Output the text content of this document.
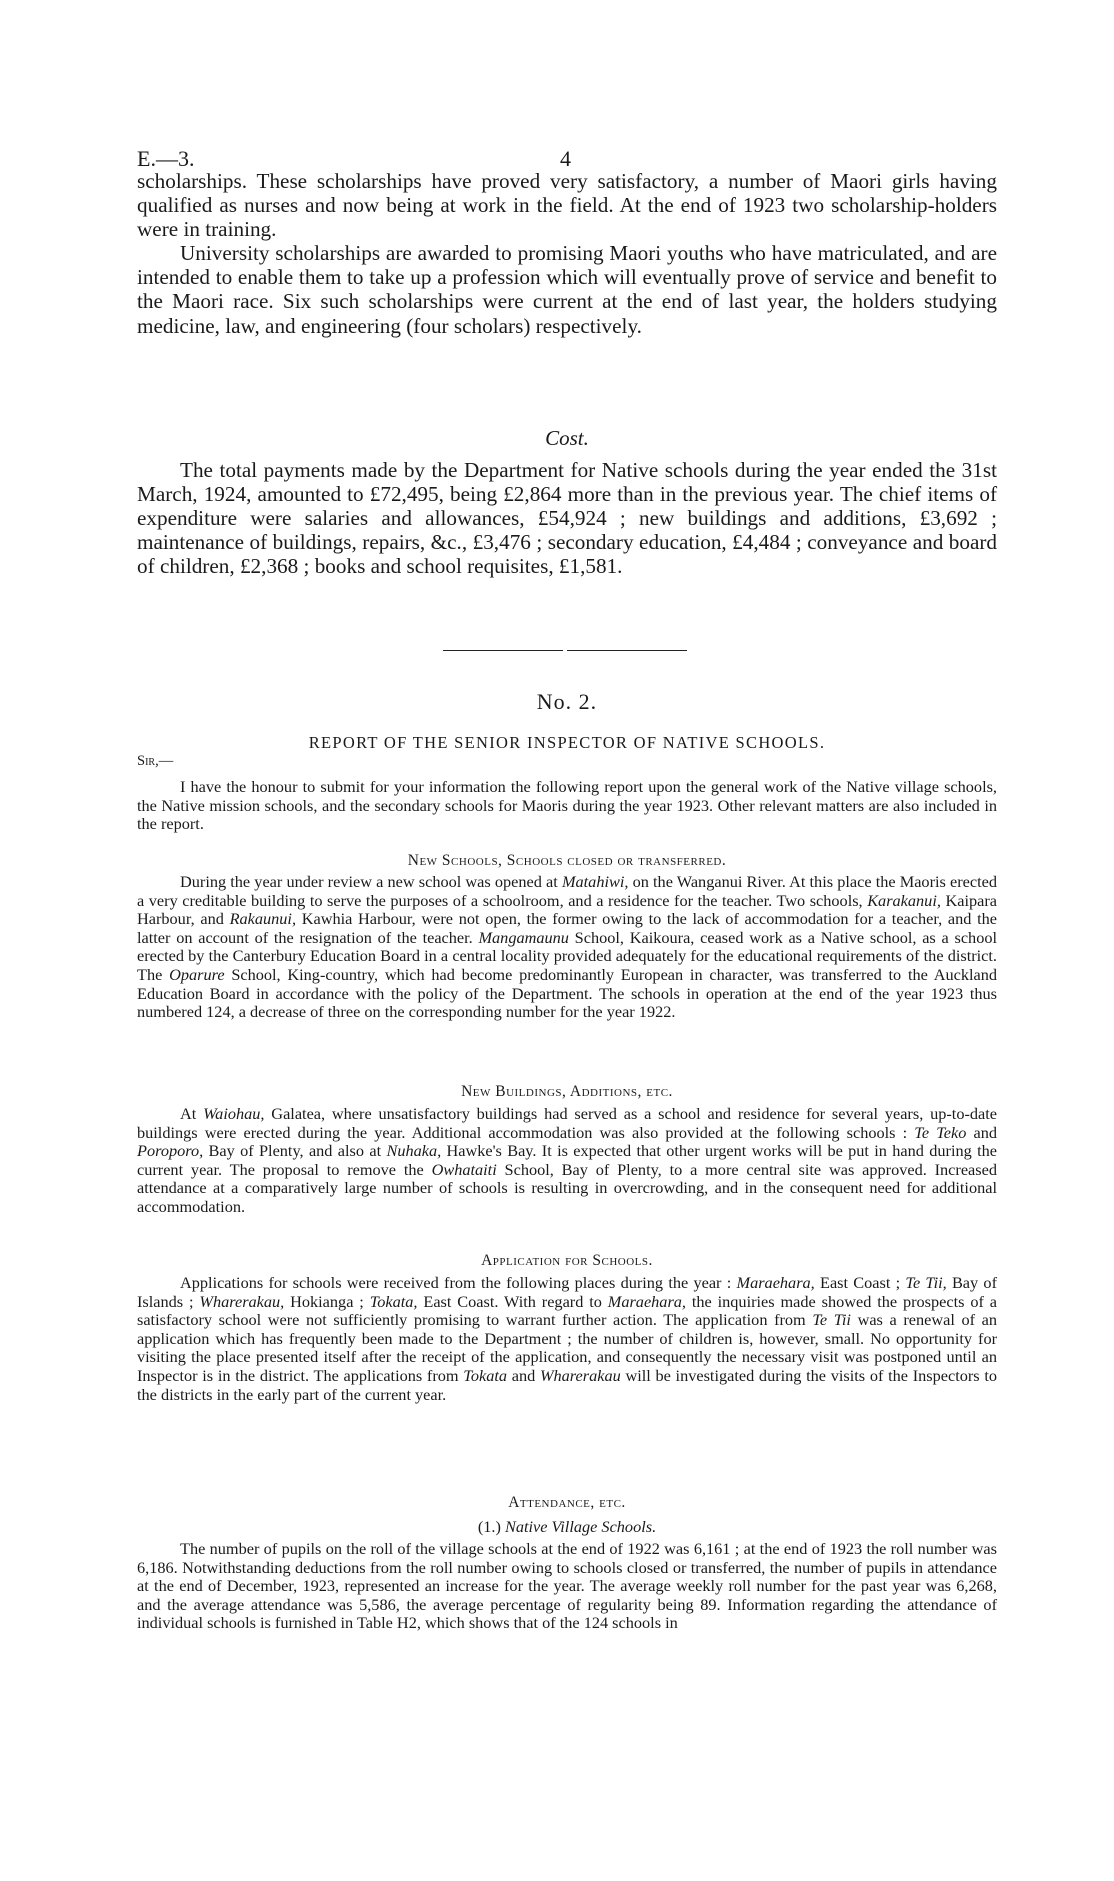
E.—3.	4

scholarships. These scholarships have proved very satisfactory, a number of Maori girls having qualified as nurses and now being at work in the field. At the end of 1923 two scholarship-holders were in training.

University scholarships are awarded to promising Maori youths who have matriculated, and are intended to enable them to take up a profession which will eventually prove of service and benefit to the Maori race. Six such scholarships were current at the end of last year, the holders studying medicine, law, and engineering (four scholars) respectively.

Cost.

The total payments made by the Department for Native schools during the year ended the 31st March, 1924, amounted to £72,495, being £2,864 more than in the previous year. The chief items of expenditure were salaries and allowances, £54,924 ; new buildings and additions, £3,692 ; maintenance of buildings, repairs, &c., £3,476 ; secondary education, £4,484 ; conveyance and board of children, £2,368 ; books and school requisites, £1,581.

No. 2.
REPORT OF THE SENIOR INSPECTOR OF NATIVE SCHOOLS.
Sir,—

I have the honour to submit for your information the following report upon the general work of the Native village schools, the Native mission schools, and the secondary schools for Maoris during the year 1923. Other relevant matters are also included in the report.

New Schools, Schools closed or transferred.

During the year under review a new school was opened at Matahiwi, on the Wanganui River. At this place the Maoris erected a very creditable building to serve the purposes of a schoolroom, and a residence for the teacher. Two schools, Karakanui, Kaipara Harbour, and Rakaunui, Kawhia Harbour, were not open, the former owing to the lack of accommodation for a teacher, and the latter on account of the resignation of the teacher. Mangamaunu School, Kaikoura, ceased work as a Native school, as a school erected by the Canterbury Education Board in a central locality provided adequately for the educational requirements of the district. The Oparure School, King-country, which had become predominantly European in character, was transferred to the Auckland Education Board in accordance with the policy of the Department. The schools in operation at the end of the year 1923 thus numbered 124, a decrease of three on the corresponding number for the year 1922.

New Buildings, Additions, etc.

At Waiohau, Galatea, where unsatisfactory buildings had served as a school and residence for several years, up-to-date buildings were erected during the year. Additional accommodation was also provided at the following schools : Te Teko and Poroporo, Bay of Plenty, and also at Nuhaka, Hawke's Bay. It is expected that other urgent works will be put in hand during the current year. The proposal to remove the Owhataiti School, Bay of Plenty, to a more central site was approved. Increased attendance at a comparatively large number of schools is resulting in overcrowding, and in the consequent need for additional accommodation.

Application for Schools.

Applications for schools were received from the following places during the year : Maraehara, East Coast ; Te Tii, Bay of Islands ; Wharerakau, Hokianga ; Tokata, East Coast. With regard to Maraehara, the inquiries made showed the prospects of a satisfactory school were not sufficiently promising to warrant further action. The application from Te Tii was a renewal of an application which has frequently been made to the Department ; the number of children is, however, small. No opportunity for visiting the place presented itself after the receipt of the application, and consequently the necessary visit was postponed until an Inspector is in the district. The applications from Tokata and Wharerakau will be investigated during the visits of the Inspectors to the districts in the early part of the current year.

Attendance, etc.
(1.) Native Village Schools.

The number of pupils on the roll of the village schools at the end of 1922 was 6,161 ; at the end of 1923 the roll number was 6,186. Notwithstanding deductions from the roll number owing to schools closed or transferred, the number of pupils in attendance at the end of December, 1923, represented an increase for the year. The average weekly roll number for the past year was 6,268, and the average attendance was 5,586, the average percentage of regularity being 89. Information regarding the attendance of individual schools is furnished in Table H2, which shows that of the 124 schools in
